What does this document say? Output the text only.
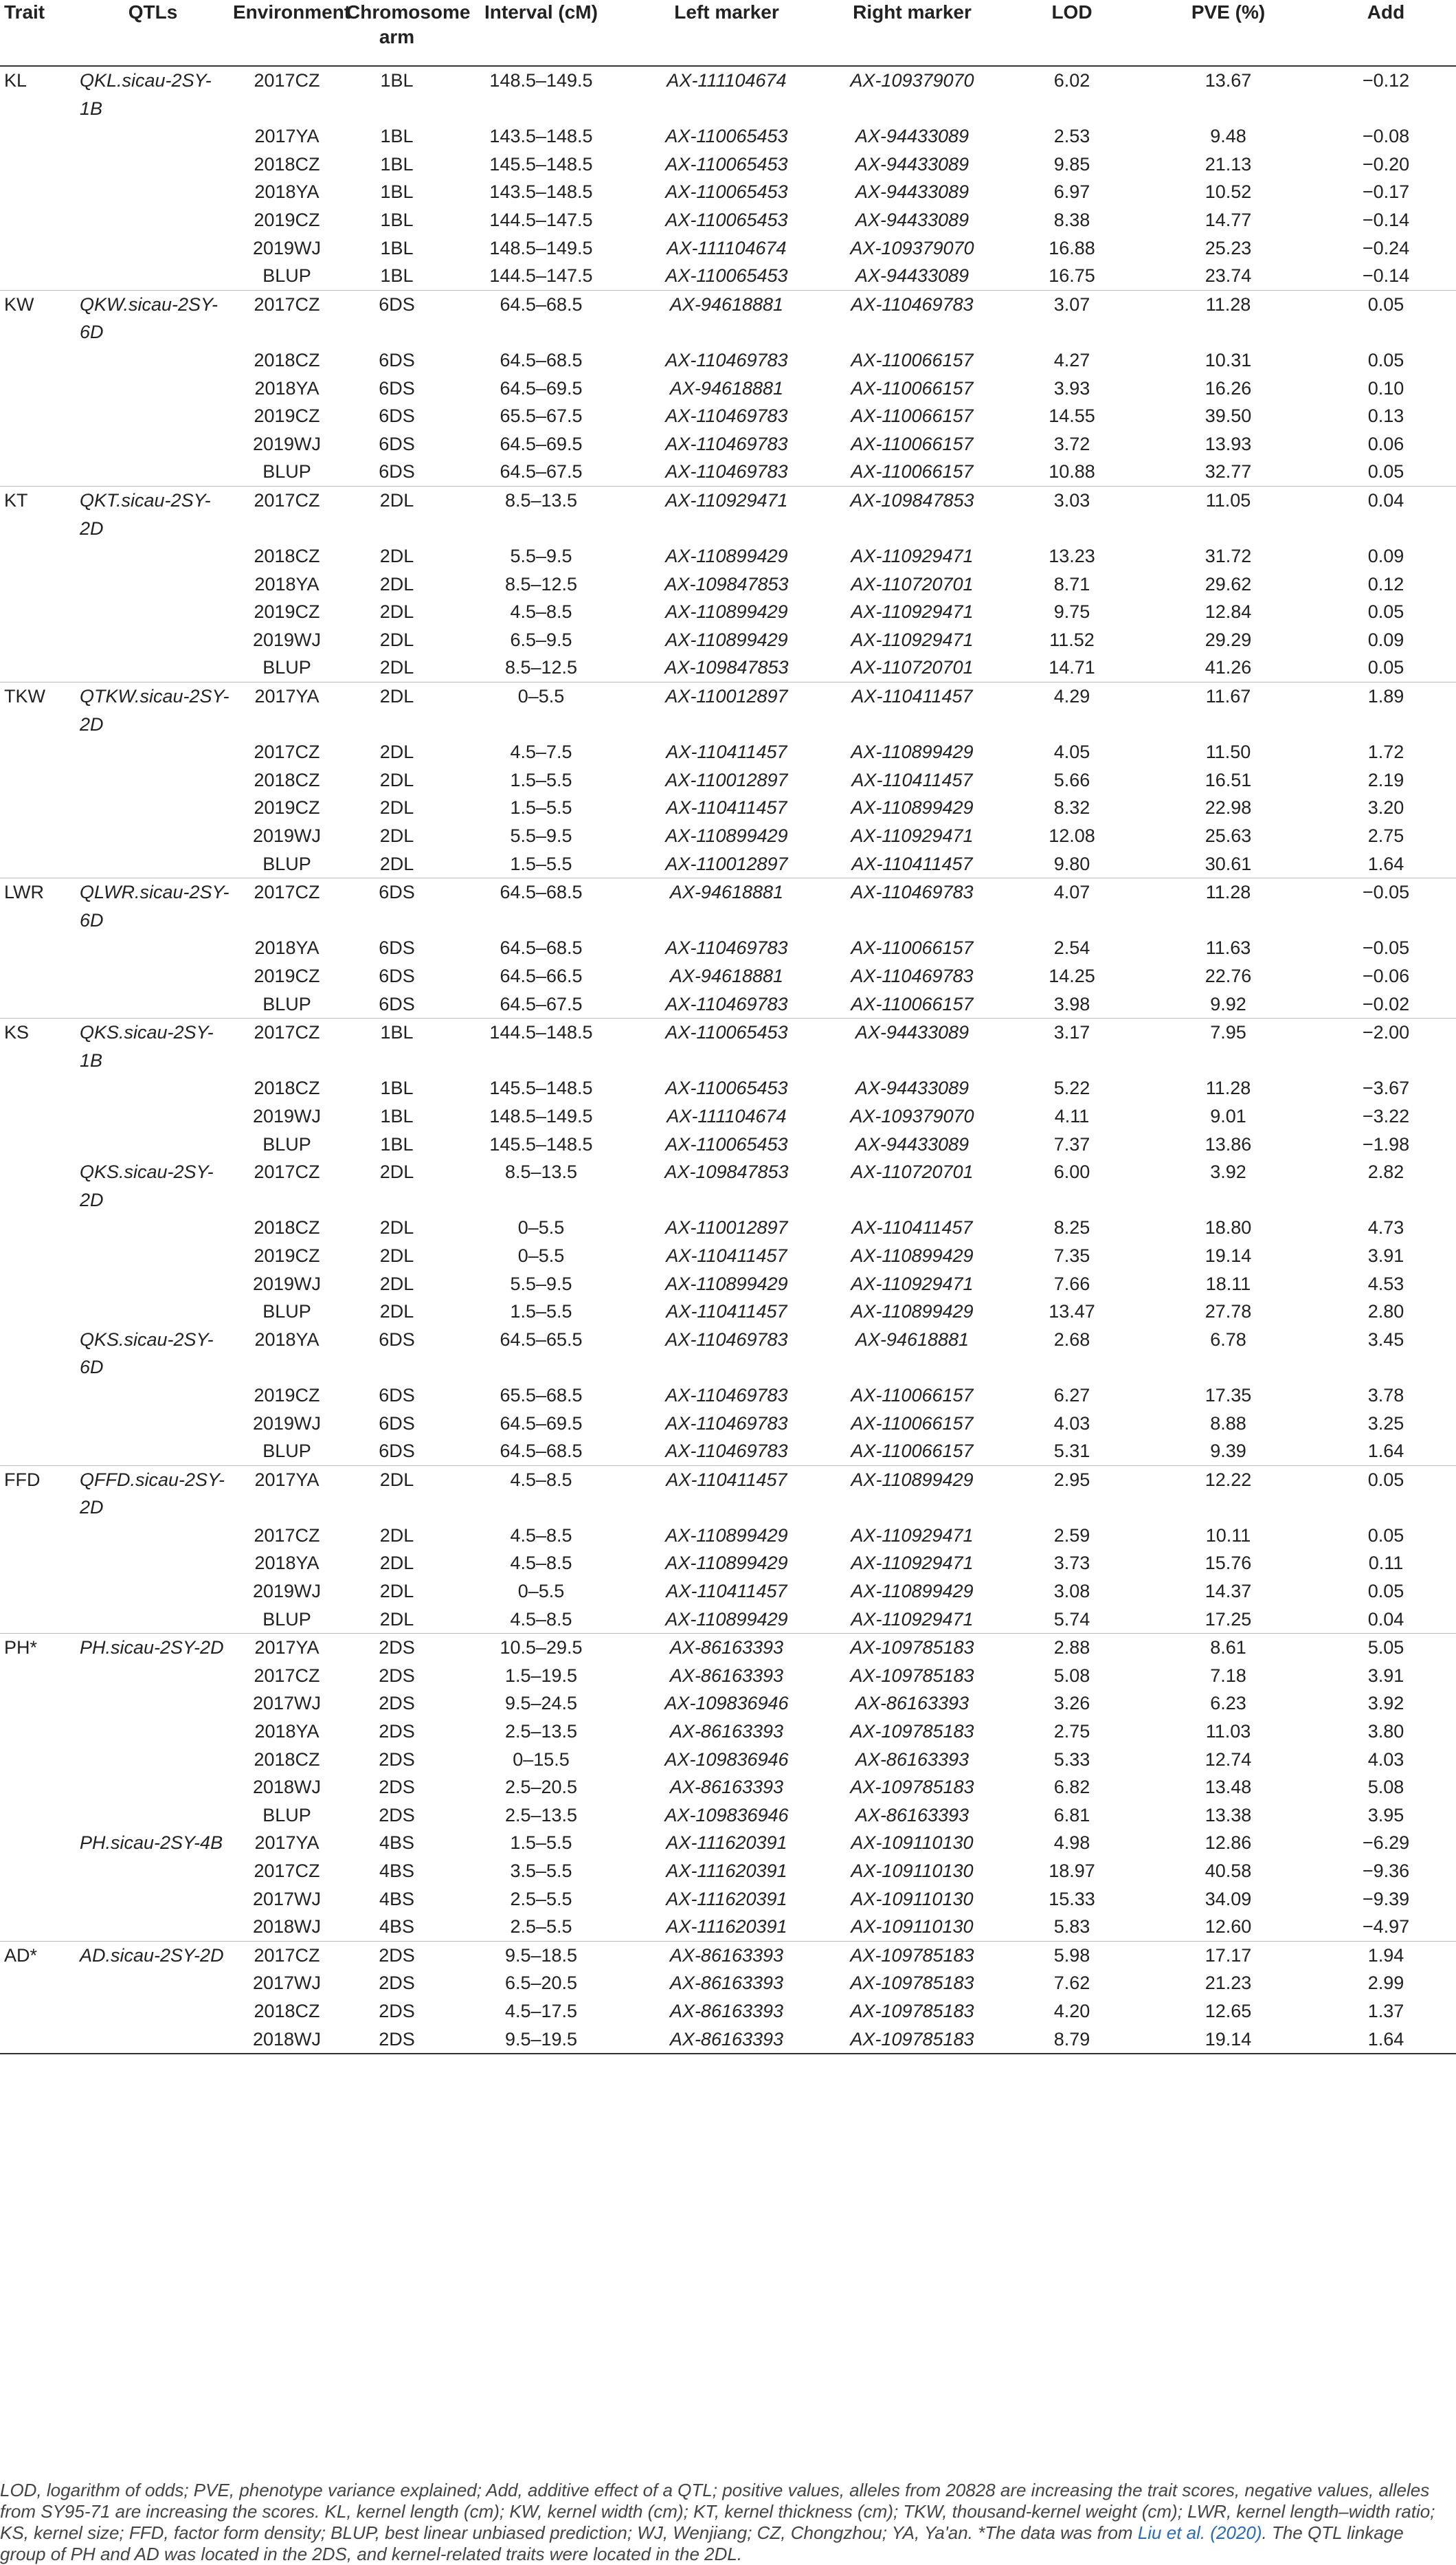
Trait	QTLs	Environment	Chromosome arm	Interval (cM)	Left marker	Right marker	LOD	PVE (%)	Add
KL	QKL.sicau-2SY-1B	2017CZ	1BL	148.5–149.5	AX-111104674	AX-109379070	6.02	13.67	−0.12
		2017YA	1BL	143.5–148.5	AX-110065453	AX-94433089	2.53	9.48	−0.08
		2018CZ	1BL	145.5–148.5	AX-110065453	AX-94433089	9.85	21.13	−0.20
		2018YA	1BL	143.5–148.5	AX-110065453	AX-94433089	6.97	10.52	−0.17
		2019CZ	1BL	144.5–147.5	AX-110065453	AX-94433089	8.38	14.77	−0.14
		2019WJ	1BL	148.5–149.5	AX-111104674	AX-109379070	16.88	25.23	−0.24
		BLUP	1BL	144.5–147.5	AX-110065453	AX-94433089	16.75	23.74	−0.14
KW	QKW.sicau-2SY-6D	2017CZ	6DS	64.5–68.5	AX-94618881	AX-110469783	3.07	11.28	0.05
		2018CZ	6DS	64.5–68.5	AX-110469783	AX-110066157	4.27	10.31	0.05
		2018YA	6DS	64.5–69.5	AX-94618881	AX-110066157	3.93	16.26	0.10
		2019CZ	6DS	65.5–67.5	AX-110469783	AX-110066157	14.55	39.50	0.13
		2019WJ	6DS	64.5–69.5	AX-110469783	AX-110066157	3.72	13.93	0.06
		BLUP	6DS	64.5–67.5	AX-110469783	AX-110066157	10.88	32.77	0.05
KT	QKT.sicau-2SY-2D	2017CZ	2DL	8.5–13.5	AX-110929471	AX-109847853	3.03	11.05	0.04
		2018CZ	2DL	5.5–9.5	AX-110899429	AX-110929471	13.23	31.72	0.09
		2018YA	2DL	8.5–12.5	AX-109847853	AX-110720701	8.71	29.62	0.12
		2019CZ	2DL	4.5–8.5	AX-110899429	AX-110929471	9.75	12.84	0.05
		2019WJ	2DL	6.5–9.5	AX-110899429	AX-110929471	11.52	29.29	0.09
		BLUP	2DL	8.5–12.5	AX-109847853	AX-110720701	14.71	41.26	0.05
TKW	QTKW.sicau-2SY-2D	2017YA	2DL	0–5.5	AX-110012897	AX-110411457	4.29	11.67	1.89
		2017CZ	2DL	4.5–7.5	AX-110411457	AX-110899429	4.05	11.50	1.72
		2018CZ	2DL	1.5–5.5	AX-110012897	AX-110411457	5.66	16.51	2.19
		2019CZ	2DL	1.5–5.5	AX-110411457	AX-110899429	8.32	22.98	3.20
		2019WJ	2DL	5.5–9.5	AX-110899429	AX-110929471	12.08	25.63	2.75
		BLUP	2DL	1.5–5.5	AX-110012897	AX-110411457	9.80	30.61	1.64
LWR	QLWR.sicau-2SY-6D	2017CZ	6DS	64.5–68.5	AX-94618881	AX-110469783	4.07	11.28	−0.05
		2018YA	6DS	64.5–68.5	AX-110469783	AX-110066157	2.54	11.63	−0.05
		2019CZ	6DS	64.5–66.5	AX-94618881	AX-110469783	14.25	22.76	−0.06
		BLUP	6DS	64.5–67.5	AX-110469783	AX-110066157	3.98	9.92	−0.02
KS	QKS.sicau-2SY-1B	2017CZ	1BL	144.5–148.5	AX-110065453	AX-94433089	3.17	7.95	−2.00
		2018CZ	1BL	145.5–148.5	AX-110065453	AX-94433089	5.22	11.28	−3.67
		2019WJ	1BL	148.5–149.5	AX-111104674	AX-109379070	4.11	9.01	−3.22
		BLUP	1BL	145.5–148.5	AX-110065453	AX-94433089	7.37	13.86	−1.98
	QKS.sicau-2SY-2D	2017CZ	2DL	8.5–13.5	AX-109847853	AX-110720701	6.00	3.92	2.82
		2018CZ	2DL	0–5.5	AX-110012897	AX-110411457	8.25	18.80	4.73
		2019CZ	2DL	0–5.5	AX-110411457	AX-110899429	7.35	19.14	3.91
		2019WJ	2DL	5.5–9.5	AX-110899429	AX-110929471	7.66	18.11	4.53
		BLUP	2DL	1.5–5.5	AX-110411457	AX-110899429	13.47	27.78	2.80
	QKS.sicau-2SY-6D	2018YA	6DS	64.5–65.5	AX-110469783	AX-94618881	2.68	6.78	3.45
		2019CZ	6DS	65.5–68.5	AX-110469783	AX-110066157	6.27	17.35	3.78
		2019WJ	6DS	64.5–69.5	AX-110469783	AX-110066157	4.03	8.88	3.25
		BLUP	6DS	64.5–68.5	AX-110469783	AX-110066157	5.31	9.39	1.64
FFD	QFFD.sicau-2SY-2D	2017YA	2DL	4.5–8.5	AX-110411457	AX-110899429	2.95	12.22	0.05
		2017CZ	2DL	4.5–8.5	AX-110899429	AX-110929471	2.59	10.11	0.05
		2018YA	2DL	4.5–8.5	AX-110899429	AX-110929471	3.73	15.76	0.11
		2019WJ	2DL	0–5.5	AX-110411457	AX-110899429	3.08	14.37	0.05
		BLUP	2DL	4.5–8.5	AX-110899429	AX-110929471	5.74	17.25	0.04
PH*	PH.sicau-2SY-2D	2017YA	2DS	10.5–29.5	AX-86163393	AX-109785183	2.88	8.61	5.05
		2017CZ	2DS	1.5–19.5	AX-86163393	AX-109785183	5.08	7.18	3.91
		2017WJ	2DS	9.5–24.5	AX-109836946	AX-86163393	3.26	6.23	3.92
		2018YA	2DS	2.5–13.5	AX-86163393	AX-109785183	2.75	11.03	3.80
		2018CZ	2DS	0–15.5	AX-109836946	AX-86163393	5.33	12.74	4.03
		2018WJ	2DS	2.5–20.5	AX-86163393	AX-109785183	6.82	13.48	5.08
		BLUP	2DS	2.5–13.5	AX-109836946	AX-86163393	6.81	13.38	3.95
	PH.sicau-2SY-4B	2017YA	4BS	1.5–5.5	AX-111620391	AX-109110130	4.98	12.86	−6.29
		2017CZ	4BS	3.5–5.5	AX-111620391	AX-109110130	18.97	40.58	−9.36
		2017WJ	4BS	2.5–5.5	AX-111620391	AX-109110130	15.33	34.09	−9.39
		2018WJ	4BS	2.5–5.5	AX-111620391	AX-109110130	5.83	12.60	−4.97
AD*	AD.sicau-2SY-2D	2017CZ	2DS	9.5–18.5	AX-86163393	AX-109785183	5.98	17.17	1.94
		2017WJ	2DS	6.5–20.5	AX-86163393	AX-109785183	7.62	21.23	2.99
		2018CZ	2DS	4.5–17.5	AX-86163393	AX-109785183	4.20	12.65	1.37
		2018WJ	2DS	9.5–19.5	AX-86163393	AX-109785183	8.79	19.14	1.64
LOD, logarithm of odds; PVE, phenotype variance explained; Add, additive effect of a QTL; positive values, alleles from 20828 are increasing the trait scores, negative values, alleles from SY95-71 are increasing the scores. KL, kernel length (cm); KW, kernel width (cm); KT, kernel thickness (cm); TKW, thousand-kernel weight (cm); LWR, kernel length–width ratio; KS, kernel size; FFD, factor form density; BLUP, best linear unbiased prediction; WJ, Wenjiang; CZ, Chongzhou; YA, Ya'an. *The data was from Liu et al. (2020). The QTL linkage group of PH and AD was located in the 2DS, and kernel-related traits were located in the 2DL.
